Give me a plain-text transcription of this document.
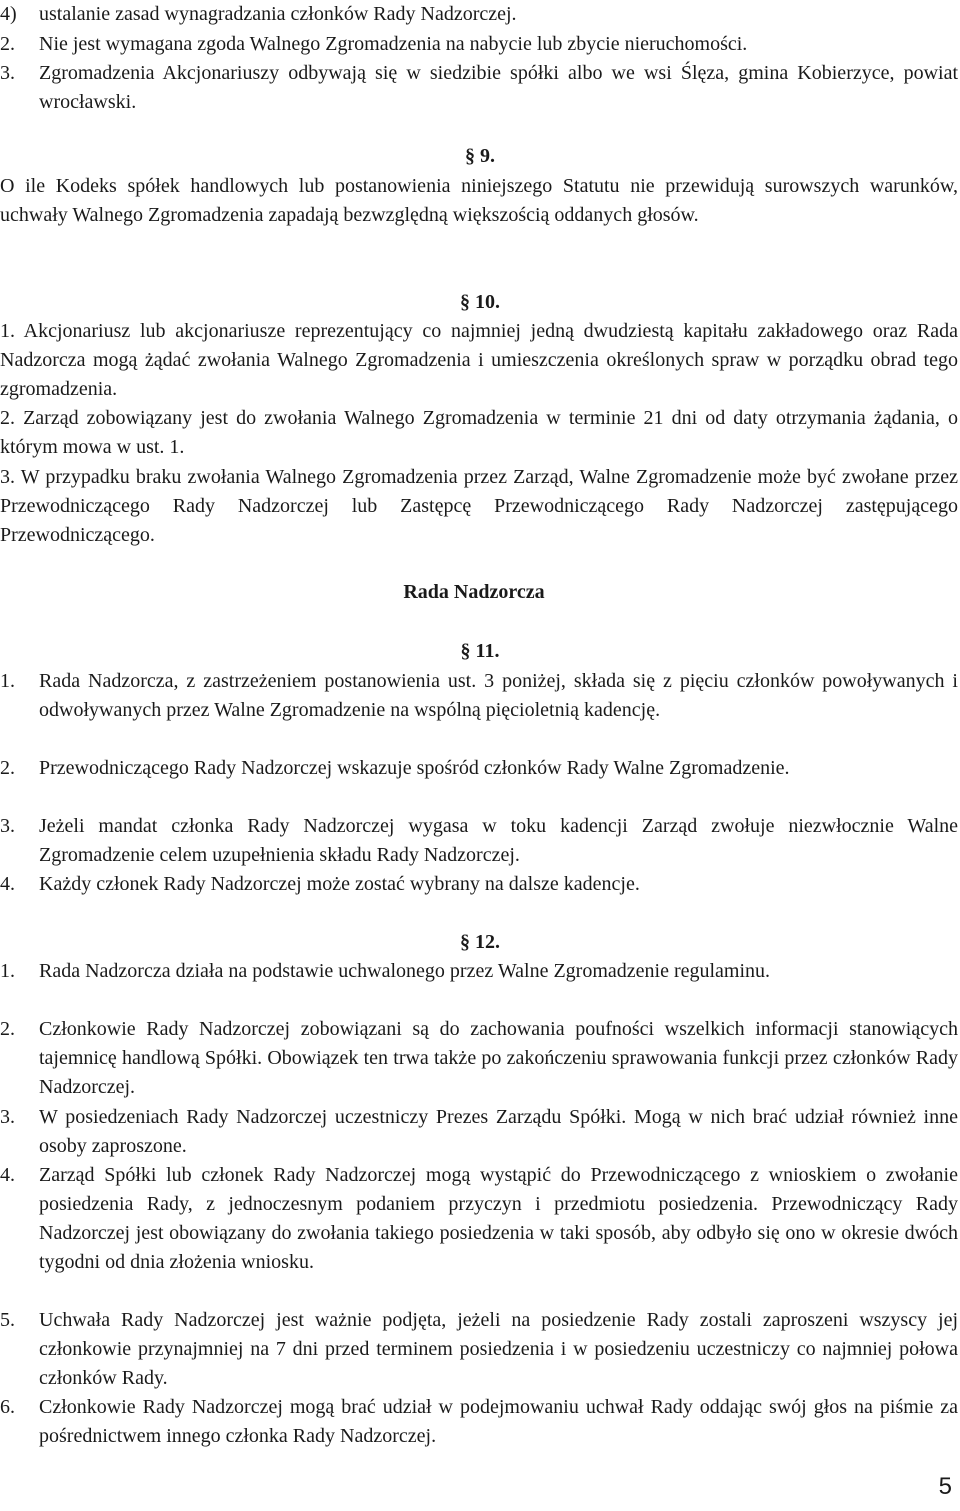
4) ustalanie zasad wynagradzania członków Rady Nadzorczej.
2. Nie jest wymagana zgoda Walnego Zgromadzenia na nabycie lub zbycie nieruchomości.
3. Zgromadzenia Akcjonariuszy odbywają się w siedzibie spółki albo we wsi Ślęza, gmina Kobierzyce, powiat wrocławski.
§ 9.

O ile Kodeks spółek handlowych lub postanowienia niniejszego Statutu nie przewidują surowszych warunków, uchwały Walnego Zgromadzenia zapadają bezwzględną większością oddanych głosów.

§ 10.

1. Akcjonariusz lub akcjonariusze reprezentujący co najmniej jedną dwudziestą kapitału zakładowego oraz Rada Nadzorcza mogą żądać zwołania Walnego Zgromadzenia i umieszczenia określonych spraw w porządku obrad tego zgromadzenia.

2. Zarząd zobowiązany jest do zwołania Walnego Zgromadzenia w terminie 21 dni od daty otrzymania żądania, o którym mowa w ust. 1.

3. W przypadku braku zwołania Walnego Zgromadzenia przez Zarząd, Walne Zgromadzenie może być zwołane przez Przewodniczącego Rady Nadzorczej lub Zastępcę Przewodniczącego Rady Nadzorczej zastępującego Przewodniczącego.

Rada Nadzorcza
§ 11.
1. Rada Nadzorcza, z zastrzeżeniem postanowienia ust. 3 poniżej, składa się z pięciu członków powoływanych i odwoływanych przez Walne Zgromadzenie na wspólną pięcioletnią kadencję.
2. Przewodniczącego Rady Nadzorczej wskazuje spośród członków Rady Walne Zgromadzenie.
3. Jeżeli mandat członka Rady Nadzorczej wygasa w toku kadencji Zarząd zwołuje niezwłocznie Walne Zgromadzenie celem uzupełnienia składu Rady Nadzorczej.
4. Każdy członek Rady Nadzorczej może zostać wybrany na dalsze kadencje.
§ 12.
1. Rada Nadzorcza działa na podstawie uchwalonego przez Walne Zgromadzenie regulaminu.
2. Członkowie Rady Nadzorczej zobowiązani są do zachowania poufności wszelkich informacji stanowiących tajemnicę handlową Spółki. Obowiązek ten trwa także po zakończeniu sprawowania funkcji przez członków Rady Nadzorczej.
3. W posiedzeniach Rady Nadzorczej uczestniczy Prezes Zarządu Spółki. Mogą w nich brać udział również inne osoby zaproszone.
4. Zarząd Spółki lub członek Rady Nadzorczej mogą wystąpić do Przewodniczącego z wnioskiem o zwołanie posiedzenia Rady, z jednoczesnym podaniem przyczyn i przedmiotu posiedzenia. Przewodniczący Rady Nadzorczej jest obowiązany do zwołania takiego posiedzenia w taki sposób, aby odbyło się ono w okresie dwóch tygodni od dnia złożenia wniosku.
5. Uchwała Rady Nadzorczej jest ważnie podjęta, jeżeli na posiedzenie Rady zostali zaproszeni wszyscy jej członkowie przynajmniej na 7 dni przed terminem posiedzenia i w posiedzeniu uczestniczy co najmniej połowa członków Rady.
6. Członkowie Rady Nadzorczej mogą brać udział w podejmowaniu uchwał Rady oddając swój głos na piśmie za pośrednictwem innego członka Rady Nadzorczej.
5
